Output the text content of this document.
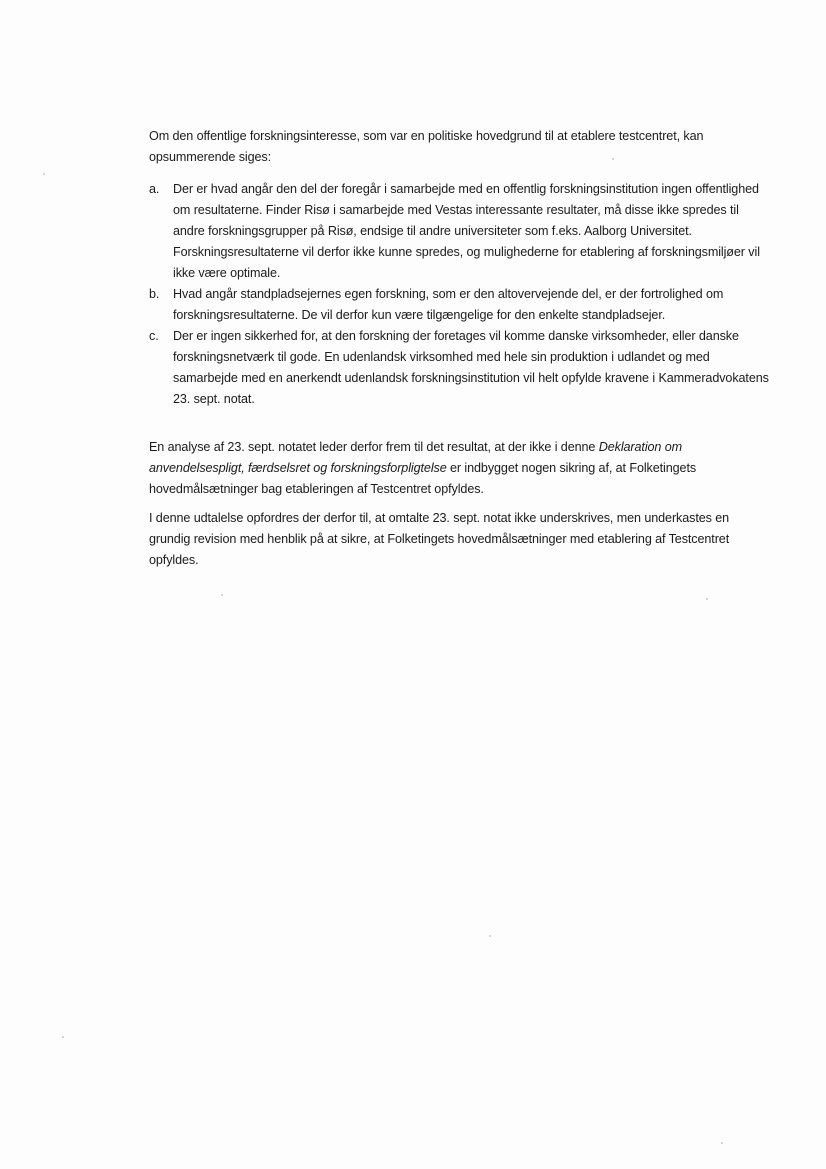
Om den offentlige forskningsinteresse, som var en politiske hovedgrund til at etablere testcentret, kan opsummerende siges:

a.	Der er hvad angår den del der foregår i samarbejde med en offentlig forskningsinstitution ingen offentlighed om resultaterne. Finder Risø i samarbejde med Vestas interessante resultater, må disse ikke spredes til andre forskningsgrupper på Risø, endsige til andre universiteter som f.eks. Aalborg Universitet. Forskningsresultaterne vil derfor ikke kunne spredes, og mulighederne for etablering af forskningsmiljøer vil ikke være optimale.
b.	Hvad angår standpladsejernes egen forskning, som er den altovervejende del, er der fortrolighed om forskningsresultaterne. De vil derfor kun være tilgængelige for den enkelte standpladsejer.
c.	Der er ingen sikkerhed for, at den forskning der foretages vil komme danske virksomheder, eller danske forskningsnetværk til gode. En udenlandsk virksomhed med hele sin produktion i udlandet og med samarbejde med en anerkendt udenlandsk forskningsinstitution vil helt opfylde kravene i Kammeradvokatens 23. sept. notat.

En analyse af 23. sept. notatet leder derfor frem til det resultat, at der ikke i denne Deklaration om anvendelsespligt, færdselsret og forskningsforpligtelse er indbygget nogen sikring af, at Folketingets hovedmålsætninger bag etableringen af Testcentret opfyldes.

I denne udtalelse opfordres der derfor til, at omtalte 23. sept. notat ikke underskrives, men underkastes en grundig revision med henblik på at sikre, at Folketingets hovedmålsætninger med etablering af Testcentret opfyldes.
